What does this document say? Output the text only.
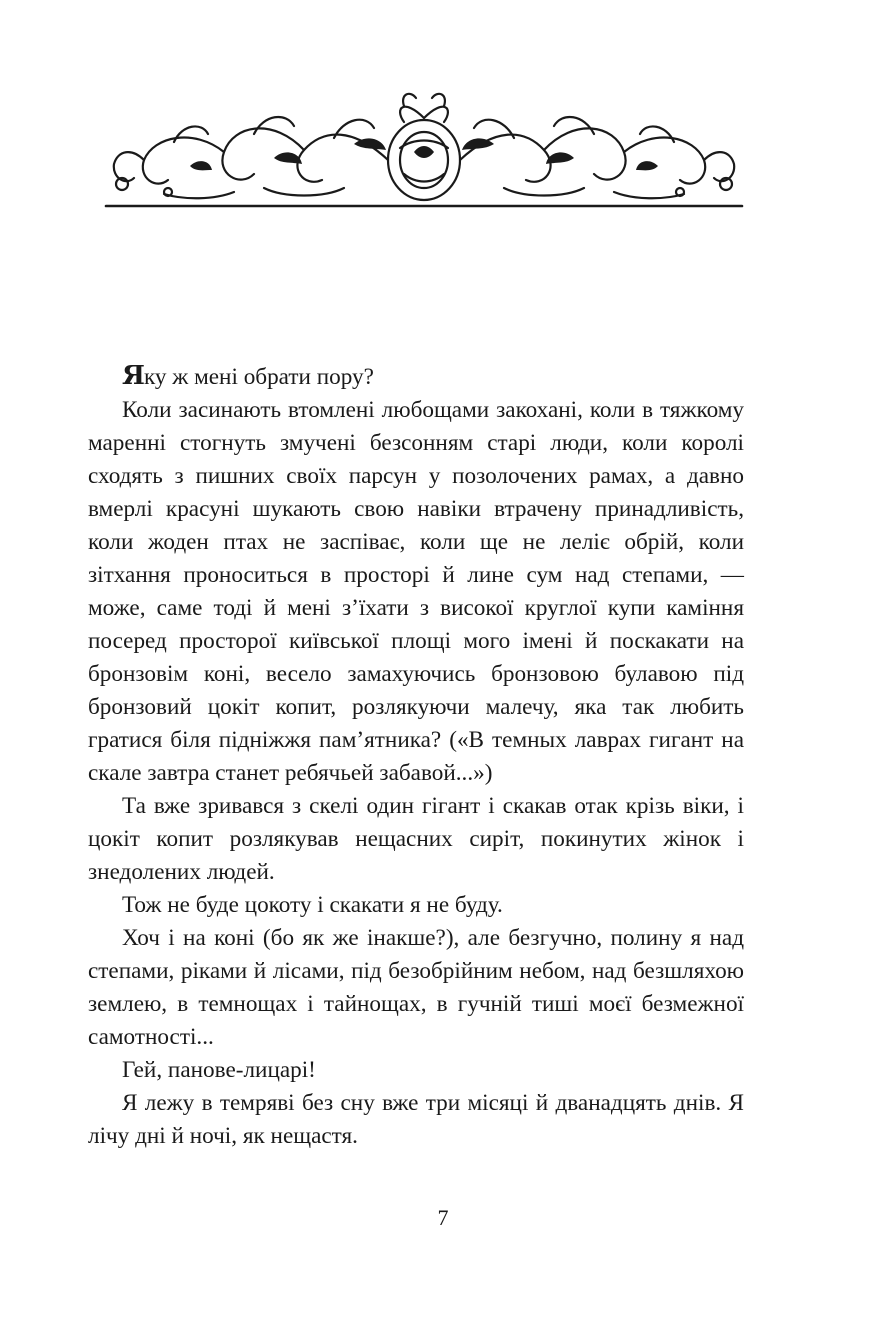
Яку ж мені обрати пору?

Коли засинають втомлені любощами закохані, коли в тяжкому маренні стогнуть змучені безсонням старі люди, коли королі сходять з пишних своїх парсун у позолочених рамах, а давно вмерлі красуні шукають свою навіки втрачену принадливість, коли жоден птах не заспіває, коли ще не леліє обрій, коли зітхання проноситься в просторі й лине сум над степами, — може, саме тоді й мені з’їхати з високої круглої купи каміння посеред просторої київської площі мого імені й поскакати на бронзовім коні, весело замахуючись бронзовою булавою під бронзовий цокіт копит, розлякуючи малечу, яка так любить гратися біля підніжжя пам’ятника? («В темных лаврах гигант на скале завтра станет ребячьей забавой...»)

Та вже зривався з скелі один гігант і скакав отак крізь віки, і цокіт копит розлякував нещасних сиріт, покинутих жінок і знедолених людей.

Тож не буде цокоту і скакати я не буду.

Хоч і на коні (бо як же інакше?), але безгучно, полину я над степами, ріками й лісами, під безобрійним небом, над безшляхою землею, в темнощах і тайнощах, в гучній тиші моєї безмежної самотності...

Гей, панове-лицарі!

Я лежу в темряві без сну вже три місяці й дванадцять днів. Я лічу дні й ночі, як нещастя.

7
